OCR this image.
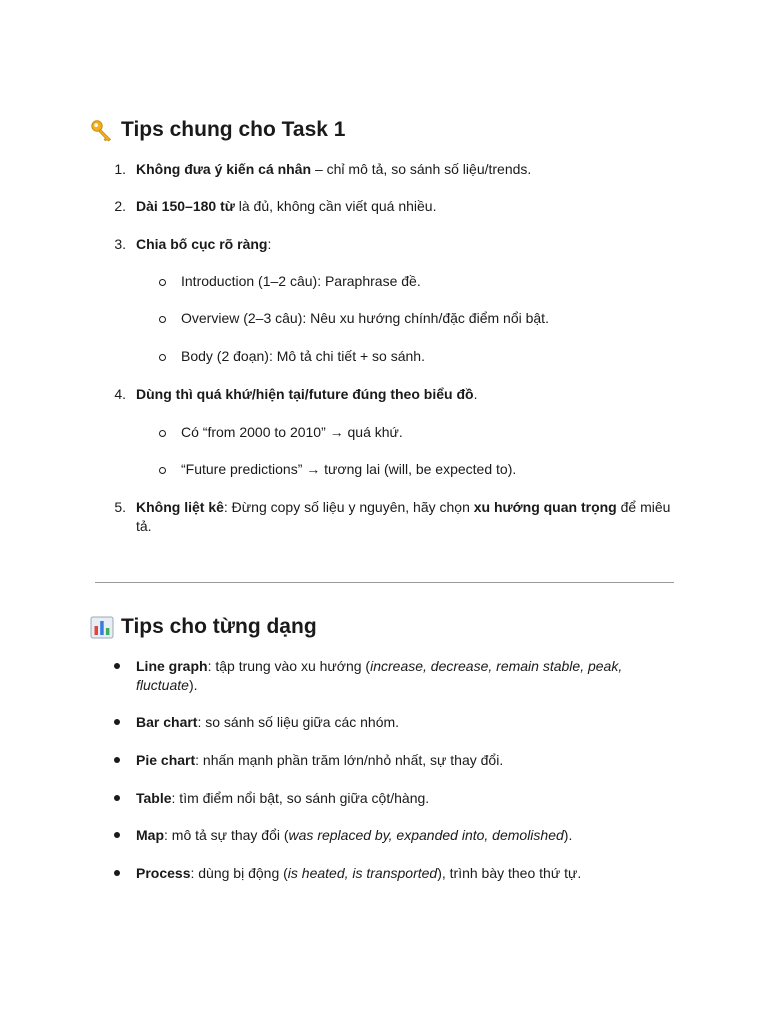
Tips chung cho Task 1
1. Không đưa ý kiến cá nhân – chỉ mô tả, so sánh số liệu/trends.
2. Dài 150–180 từ là đủ, không cần viết quá nhiều.
3. Chia bố cục rõ ràng:
Introduction (1–2 câu): Paraphrase đề.
Overview (2–3 câu): Nêu xu hướng chính/đặc điểm nổi bật.
Body (2 đoạn): Mô tả chi tiết + so sánh.
4. Dùng thì quá khứ/hiện tại/future đúng theo biểu đồ.
Có “from 2000 to 2010” → quá khứ.
“Future predictions” → tương lai (will, be expected to).
5. Không liệt kê: Đừng copy số liệu y nguyên, hãy chọn xu hướng quan trọng để miêu tả.
Tips cho từng dạng
Line graph: tập trung vào xu hướng (increase, decrease, remain stable, peak, fluctuate).
Bar chart: so sánh số liệu giữa các nhóm.
Pie chart: nhấn mạnh phần trăm lớn/nhỏ nhất, sự thay đổi.
Table: tìm điểm nổi bật, so sánh giữa cột/hàng.
Map: mô tả sự thay đổi (was replaced by, expanded into, demolished).
Process: dùng bị động (is heated, is transported), trình bày theo thứ tự.
